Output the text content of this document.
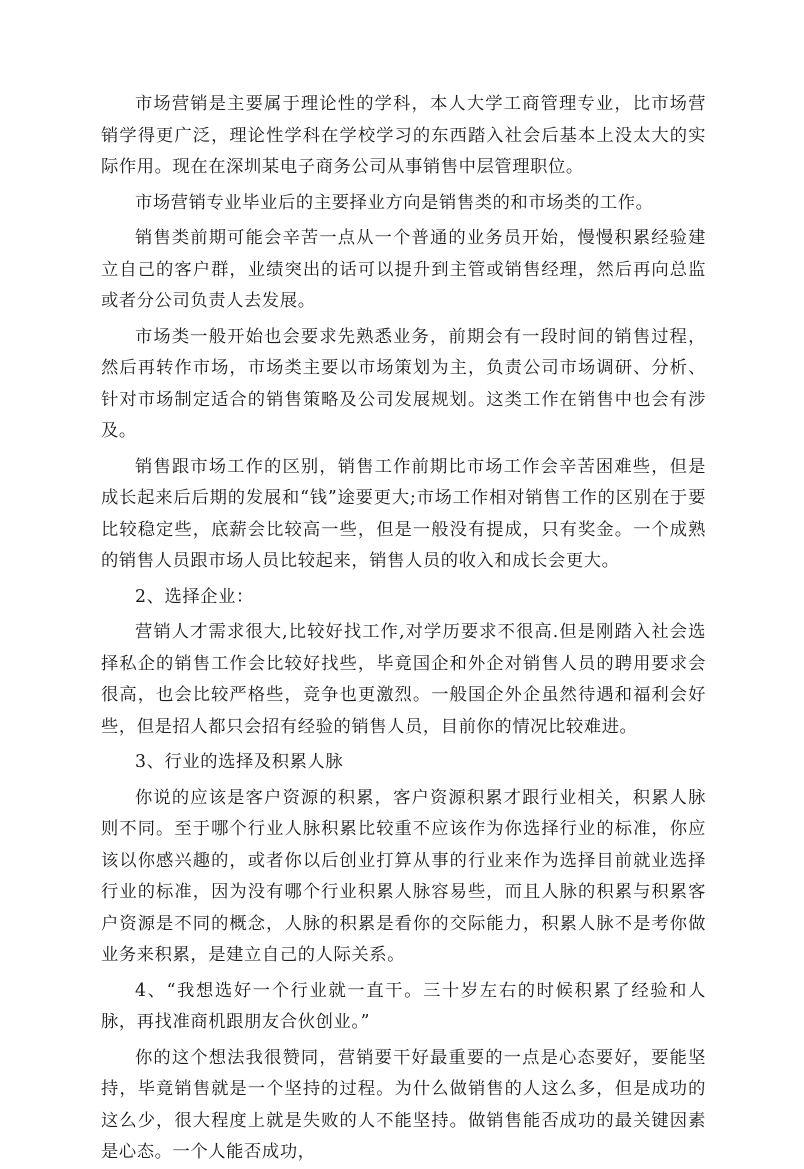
市场营销是主要属于理论性的学科，本人大学工商管理专业，比市场营销学得更广泛，理论性学科在学校学习的东西踏入社会后基本上没太大的实际作用。现在在深圳某电子商务公司从事销售中层管理职位。

市场营销专业毕业后的主要择业方向是销售类的和市场类的工作。

销售类前期可能会辛苦一点从一个普通的业务员开始，慢慢积累经验建立自己的客户群，业绩突出的话可以提升到主管或销售经理，然后再向总监或者分公司负责人去发展。

市场类一般开始也会要求先熟悉业务，前期会有一段时间的销售过程，然后再转作市场，市场类主要以市场策划为主，负责公司市场调研、分析、针对市场制定适合的销售策略及公司发展规划。这类工作在销售中也会有涉及。

销售跟市场工作的区别，销售工作前期比市场工作会辛苦困难些，但是成长起来后后期的发展和“钱”途要更大;市场工作相对销售工作的区别在于要比较稳定些，底薪会比较高一些，但是一般没有提成，只有奖金。一个成熟的销售人员跟市场人员比较起来，销售人员的收入和成长会更大。

2、选择企业：

营销人才需求很大,比较好找工作,对学历要求不很高.但是刚踏入社会选择私企的销售工作会比较好找些，毕竟国企和外企对销售人员的聘用要求会很高，也会比较严格些，竞争也更激烈。一般国企外企虽然待遇和福利会好些，但是招人都只会招有经验的销售人员，目前你的情况比较难进。

3、行业的选择及积累人脉

你说的应该是客户资源的积累，客户资源积累才跟行业相关，积累人脉则不同。至于哪个行业人脉积累比较重不应该作为你选择行业的标准，你应该以你感兴趣的，或者你以后创业打算从事的行业来作为选择目前就业选择行业的标准，因为没有哪个行业积累人脉容易些，而且人脉的积累与积累客户资源是不同的概念，人脉的积累是看你的交际能力，积累人脉不是考你做业务来积累，是建立自己的人际关系。

4、“我想选好一个行业就一直干。三十岁左右的时候积累了经验和人脉，再找准商机跟朋友合伙创业。”

你的这个想法我很赞同，营销要干好最重要的一点是心态要好，要能坚持，毕竟销售就是一个坚持的过程。为什么做销售的人这么多，但是成功的这么少，很大程度上就是失败的人不能坚持。做销售能否成功的最关键因素是心态。一个人能否成功，
